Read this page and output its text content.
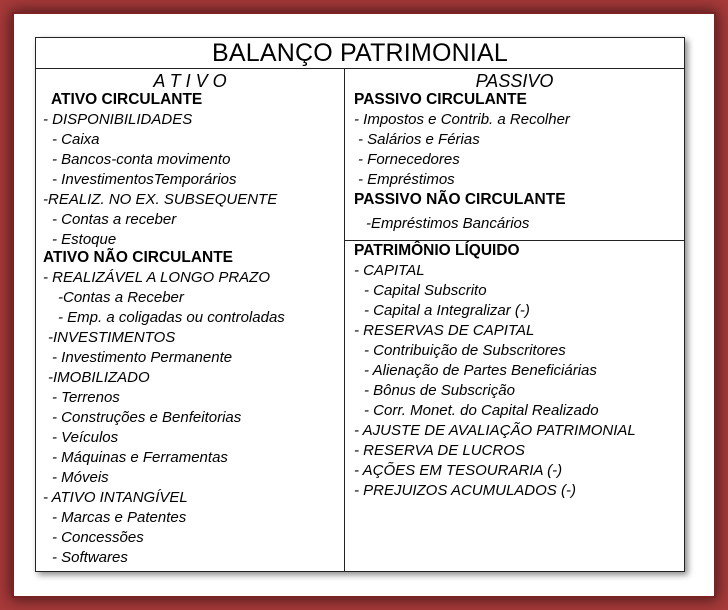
BALANÇO PATRIMONIAL
A T I V O
ATIVO CIRCULANTE
- DISPONIBILIDADES
- Caixa
- Bancos-conta movimento
- InvestimentosTemporários
-REALIZ. NO EX. SUBSEQUENTE
- Contas a receber
- Estoque
ATIVO NÃO CIRCULANTE
- REALIZÁVEL A LONGO PRAZO
-Contas a Receber
- Emp. a coligadas ou controladas
-INVESTIMENTOS
- Investimento Permanente
-IMOBILIZADO
- Terrenos
- Construções e Benfeitorias
- Veículos
- Máquinas e Ferramentas
- Móveis
- ATIVO INTANGÍVEL
- Marcas e Patentes
- Concessões
- Softwares
PASSIVO
PASSIVO CIRCULANTE
- Impostos e Contrib. a Recolher
- Salários e Férias
- Fornecedores
- Empréstimos
PASSIVO NÃO CIRCULANTE
-Empréstimos Bancários
PATRIMÔNIO LÍQUIDO
- CAPITAL
- Capital Subscrito
- Capital a Integralizar (-)
- RESERVAS DE CAPITAL
- Contribuição de Subscritores
- Alienação de Partes Beneficiárias
- Bônus de Subscrição
- Corr. Monet. do Capital Realizado
- AJUSTE DE AVALIAÇÃO PATRIMONIAL
- RESERVA DE LUCROS
- AÇÕES EM TESOURARIA (-)
- PREJUIZOS ACUMULADOS (-)
